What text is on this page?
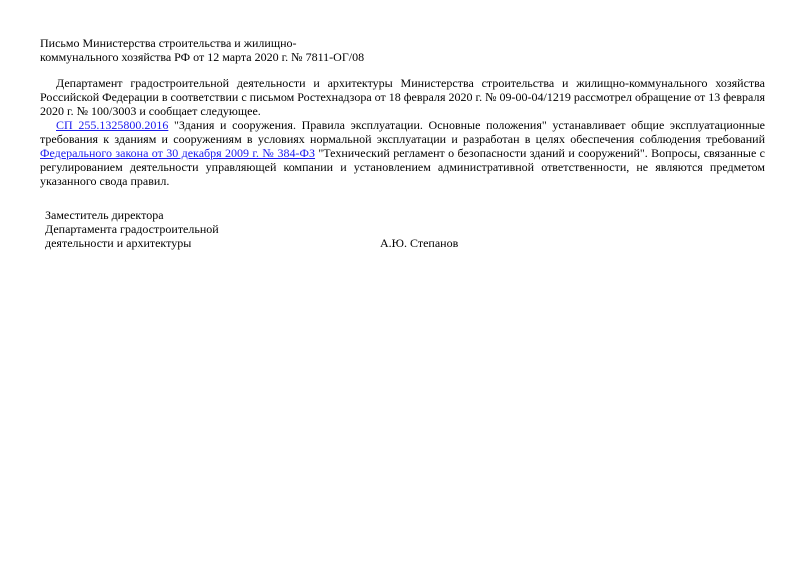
Письмо Министерства строительства и жилищно-коммунального хозяйства РФ от 12 марта 2020 г. № 7811-ОГ/08

Департамент градостроительной деятельности и архитектуры Министерства строительства и жилищно-коммунального хозяйства Российской Федерации в соответствии с письмом Ростехнадзора от 18 февраля 2020 г. № 09-00-04/1219 рассмотрел обращение от 13 февраля 2020 г. № 100/3003 и сообщает следующее.

СП 255.1325800.2016 "Здания и сооружения. Правила эксплуатации. Основные положения" устанавливает общие эксплуатационные требования к зданиям и сооружениям в условиях нормальной эксплуатации и разработан в целях обеспечения соблюдения требований Федерального закона от 30 декабря 2009 г. № 384-ФЗ "Технический регламент о безопасности зданий и сооружений". Вопросы, связанные с регулированием деятельности управляющей компании и установлением административной ответственности, не являются предметом указанного свода правил.

Заместитель директора
Департамента градостроительной
деятельности и архитектуры	А.Ю. Степанов
